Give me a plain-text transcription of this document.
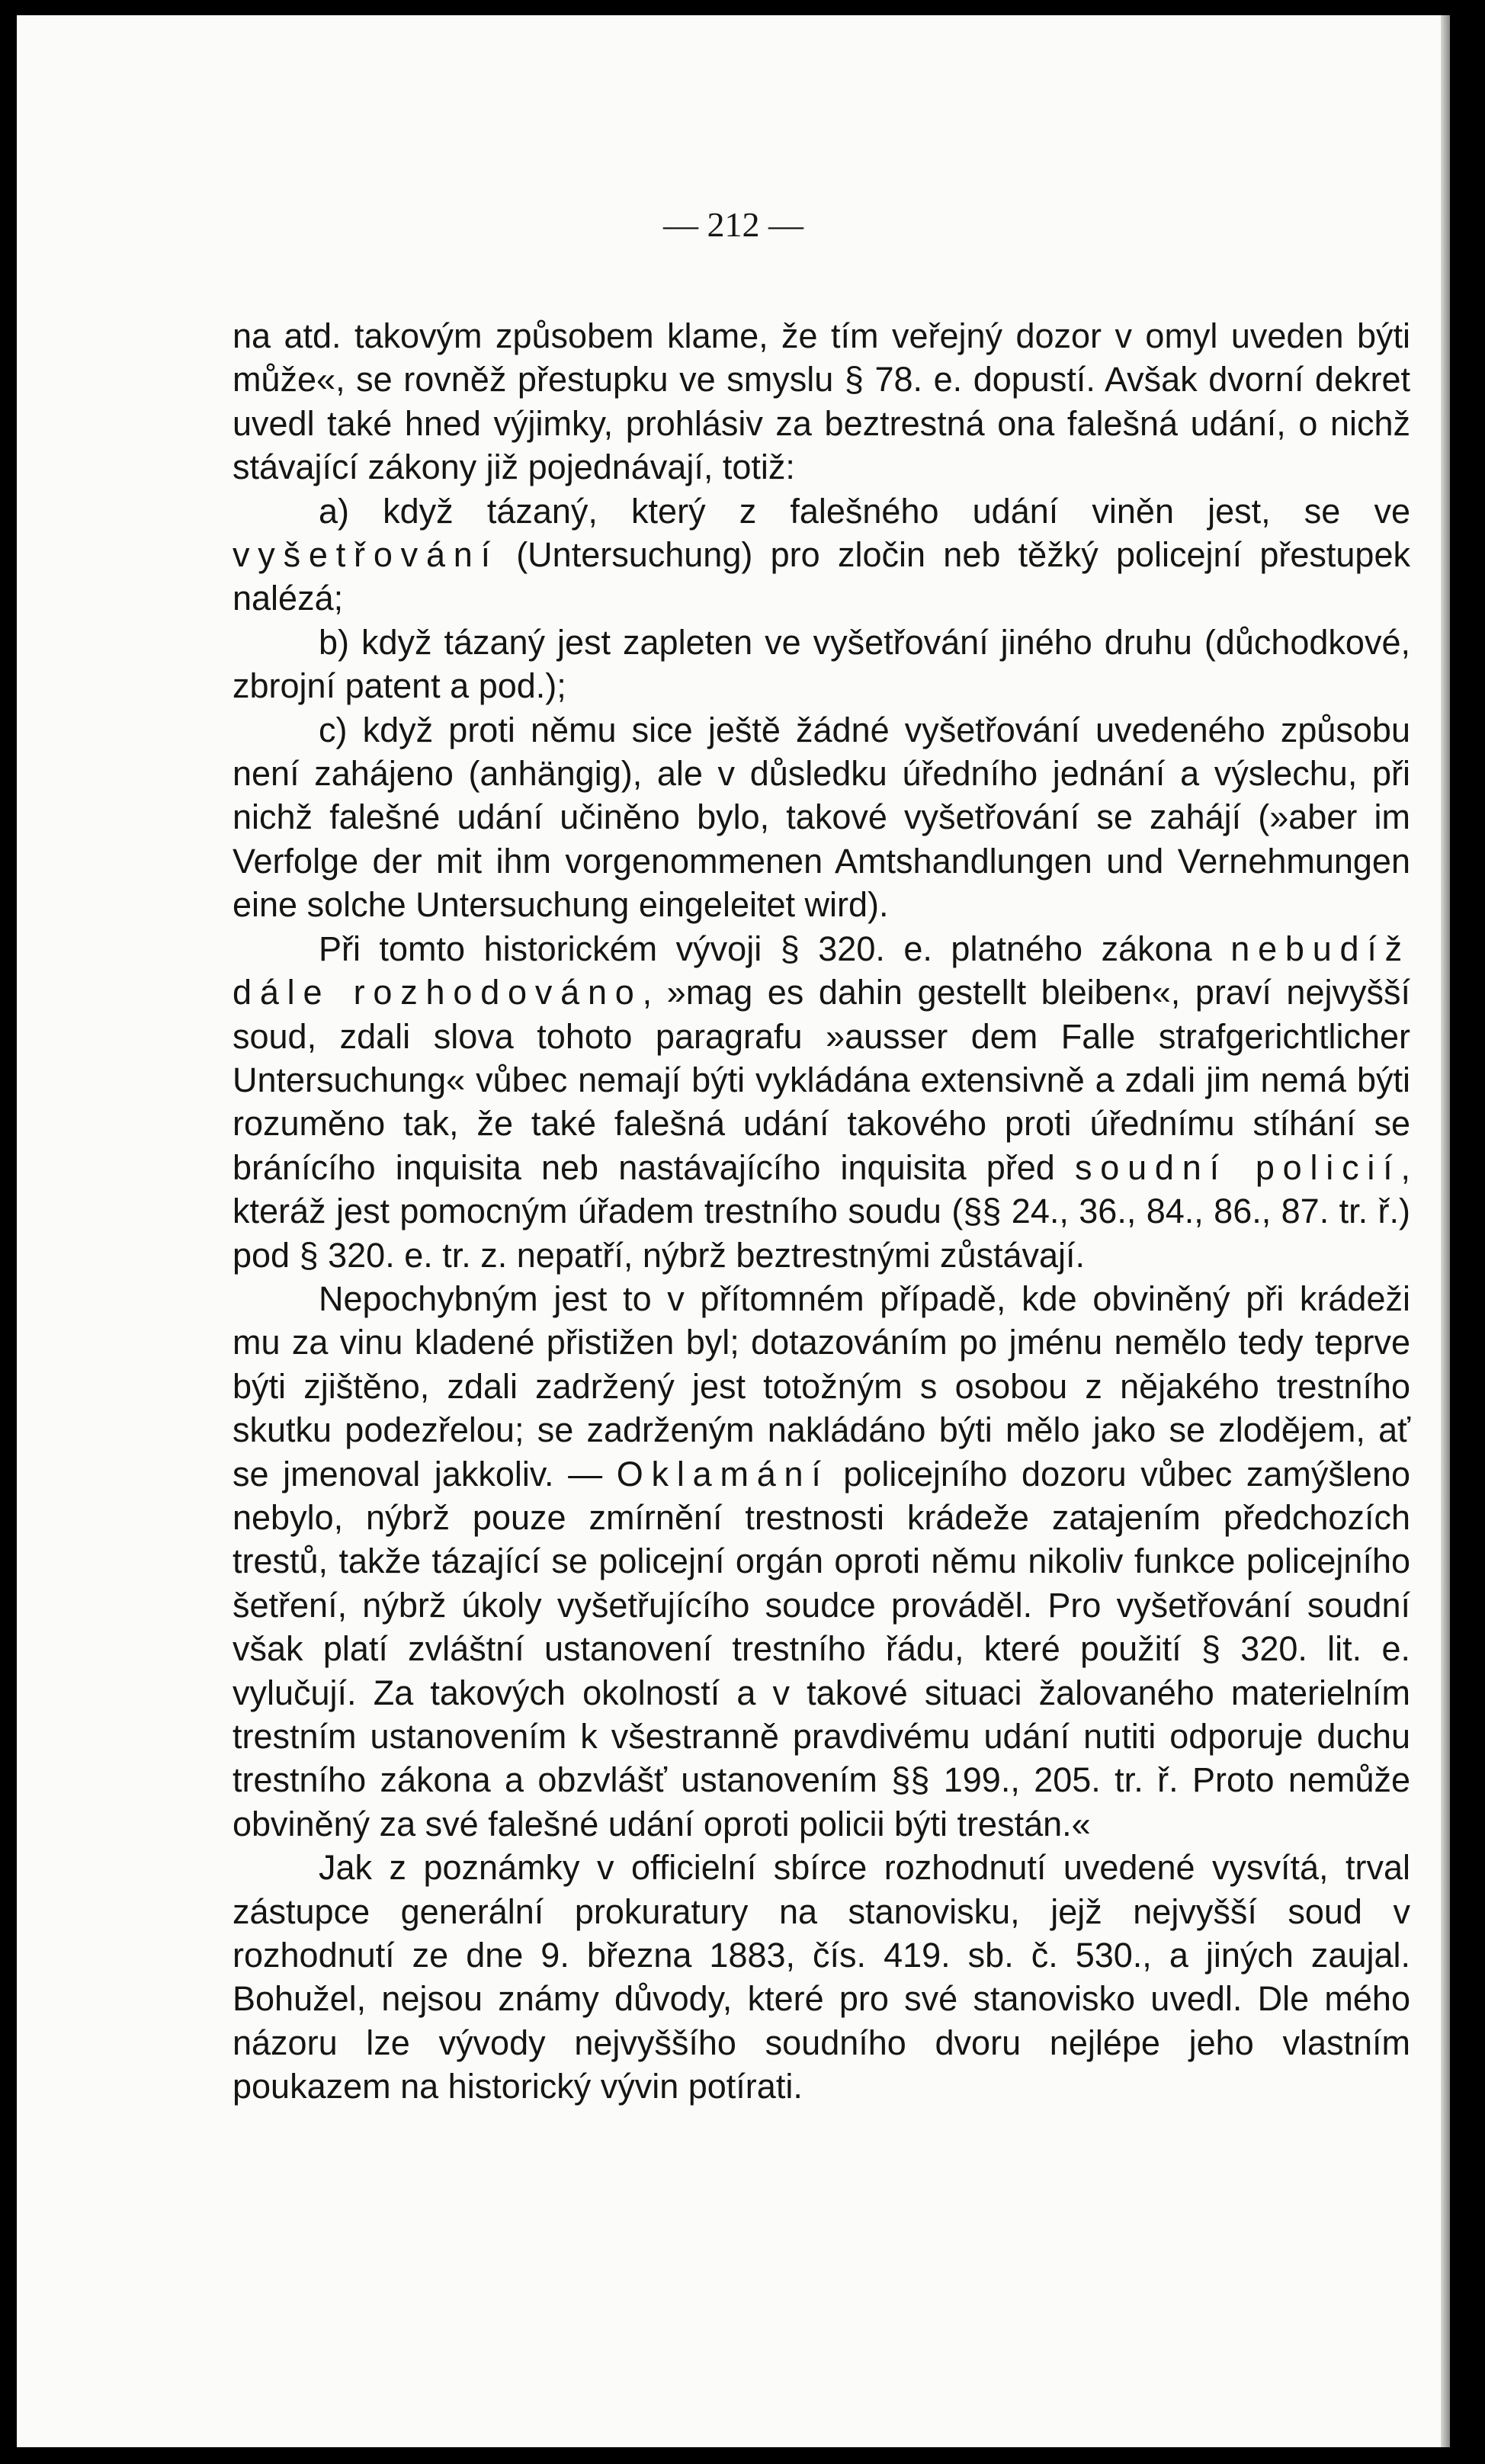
— 212 —

na atd. takovým způsobem klame, že tím veřejný dozor v omyl uveden býti může«, se rovněž přestupku ve smyslu § 78. e. dopustí. Avšak dvorní dekret uvedl také hned výjimky, prohlásiv za beztrestná ona falešná udání, o nichž stávající zákony již pojednávají, totiž:

a) když tázaný, který z falešného udání viněn jest, se ve vyšetřování (Untersuchung) pro zločin neb těžký policejní přestupek nalézá;

b) když tázaný jest zapleten ve vyšetřování jiného druhu (důchodkové, zbrojní patent a pod.);

c) když proti němu sice ještě žádné vyšetřování uvedeného způsobu není zahájeno (anhängig), ale v důsledku úředního jednání a výslechu, při nichž falešné udání učiněno bylo, takové vyšetřování se zahájí (»aber im Verfolge der mit ihm vorgenommenen Amtshandlungen und Vernehmungen eine solche Untersuchung eingeleitet wird).

Při tomto historickém vývoji § 320. e. platného zákona nebudíž dále rozhodováno, »mag es dahin gestellt bleiben«, praví nejvyšší soud, zdali slova tohoto paragrafu »ausser dem Falle strafgerichtlicher Untersuchung« vůbec nemají býti vykládána extensivně a zdali jim nemá býti rozuměno tak, že také falešná udání takového proti úřednímu stíhání se bránícího inquisita neb nastávajícího inquisita před soudní policií, kteráž jest pomocným úřadem trestního soudu (§§ 24., 36., 84., 86., 87. tr. ř.) pod § 320. e. tr. z. nepatří, nýbrž beztrestnými zůstávají.

Nepochybným jest to v přítomném případě, kde obviněný při krádeži mu za vinu kladené přistižen byl; dotazováním po jménu nemělo tedy teprve býti zjištěno, zdali zadržený jest totožným s osobou z nějakého trestního skutku podezřelou; se zadrženým nakládáno býti mělo jako se zlodějem, ať se jmenoval jakkoliv. — Oklamání policejního dozoru vůbec zamýšleno nebylo, nýbrž pouze zmírnění trestnosti krádeže zatajením předchozích trestů, takže tázající se policejní orgán oproti němu nikoliv funkce policejního šetření, nýbrž úkoly vyšetřujícího soudce prováděl. Pro vyšetřování soudní však platí zvláštní ustanovení trestního řádu, které použití § 320. lit. e. vylučují. Za takových okolností a v takové situaci žalovaného materielním trestním ustanovením k všestranně pravdivému udání nutiti odporuje duchu trestního zákona a obzvlášť ustanovením §§ 199., 205. tr. ř. Proto nemůže obviněný za své falešné udání oproti policii býti trestán.«

Jak z poznámky v officielní sbírce rozhodnutí uvedené vysvítá, trval zástupce generální prokuratury na stanovisku, jejž nejvyšší soud v rozhodnutí ze dne 9. března 1883, čís. 419. sb. č. 530., a jiných zaujal. Bohužel, nejsou známy důvody, které pro své stanovisko uvedl. Dle mého názoru lze vývody nejvyššího soudního dvoru nejlépe jeho vlastním poukazem na historický vývin potírati.
